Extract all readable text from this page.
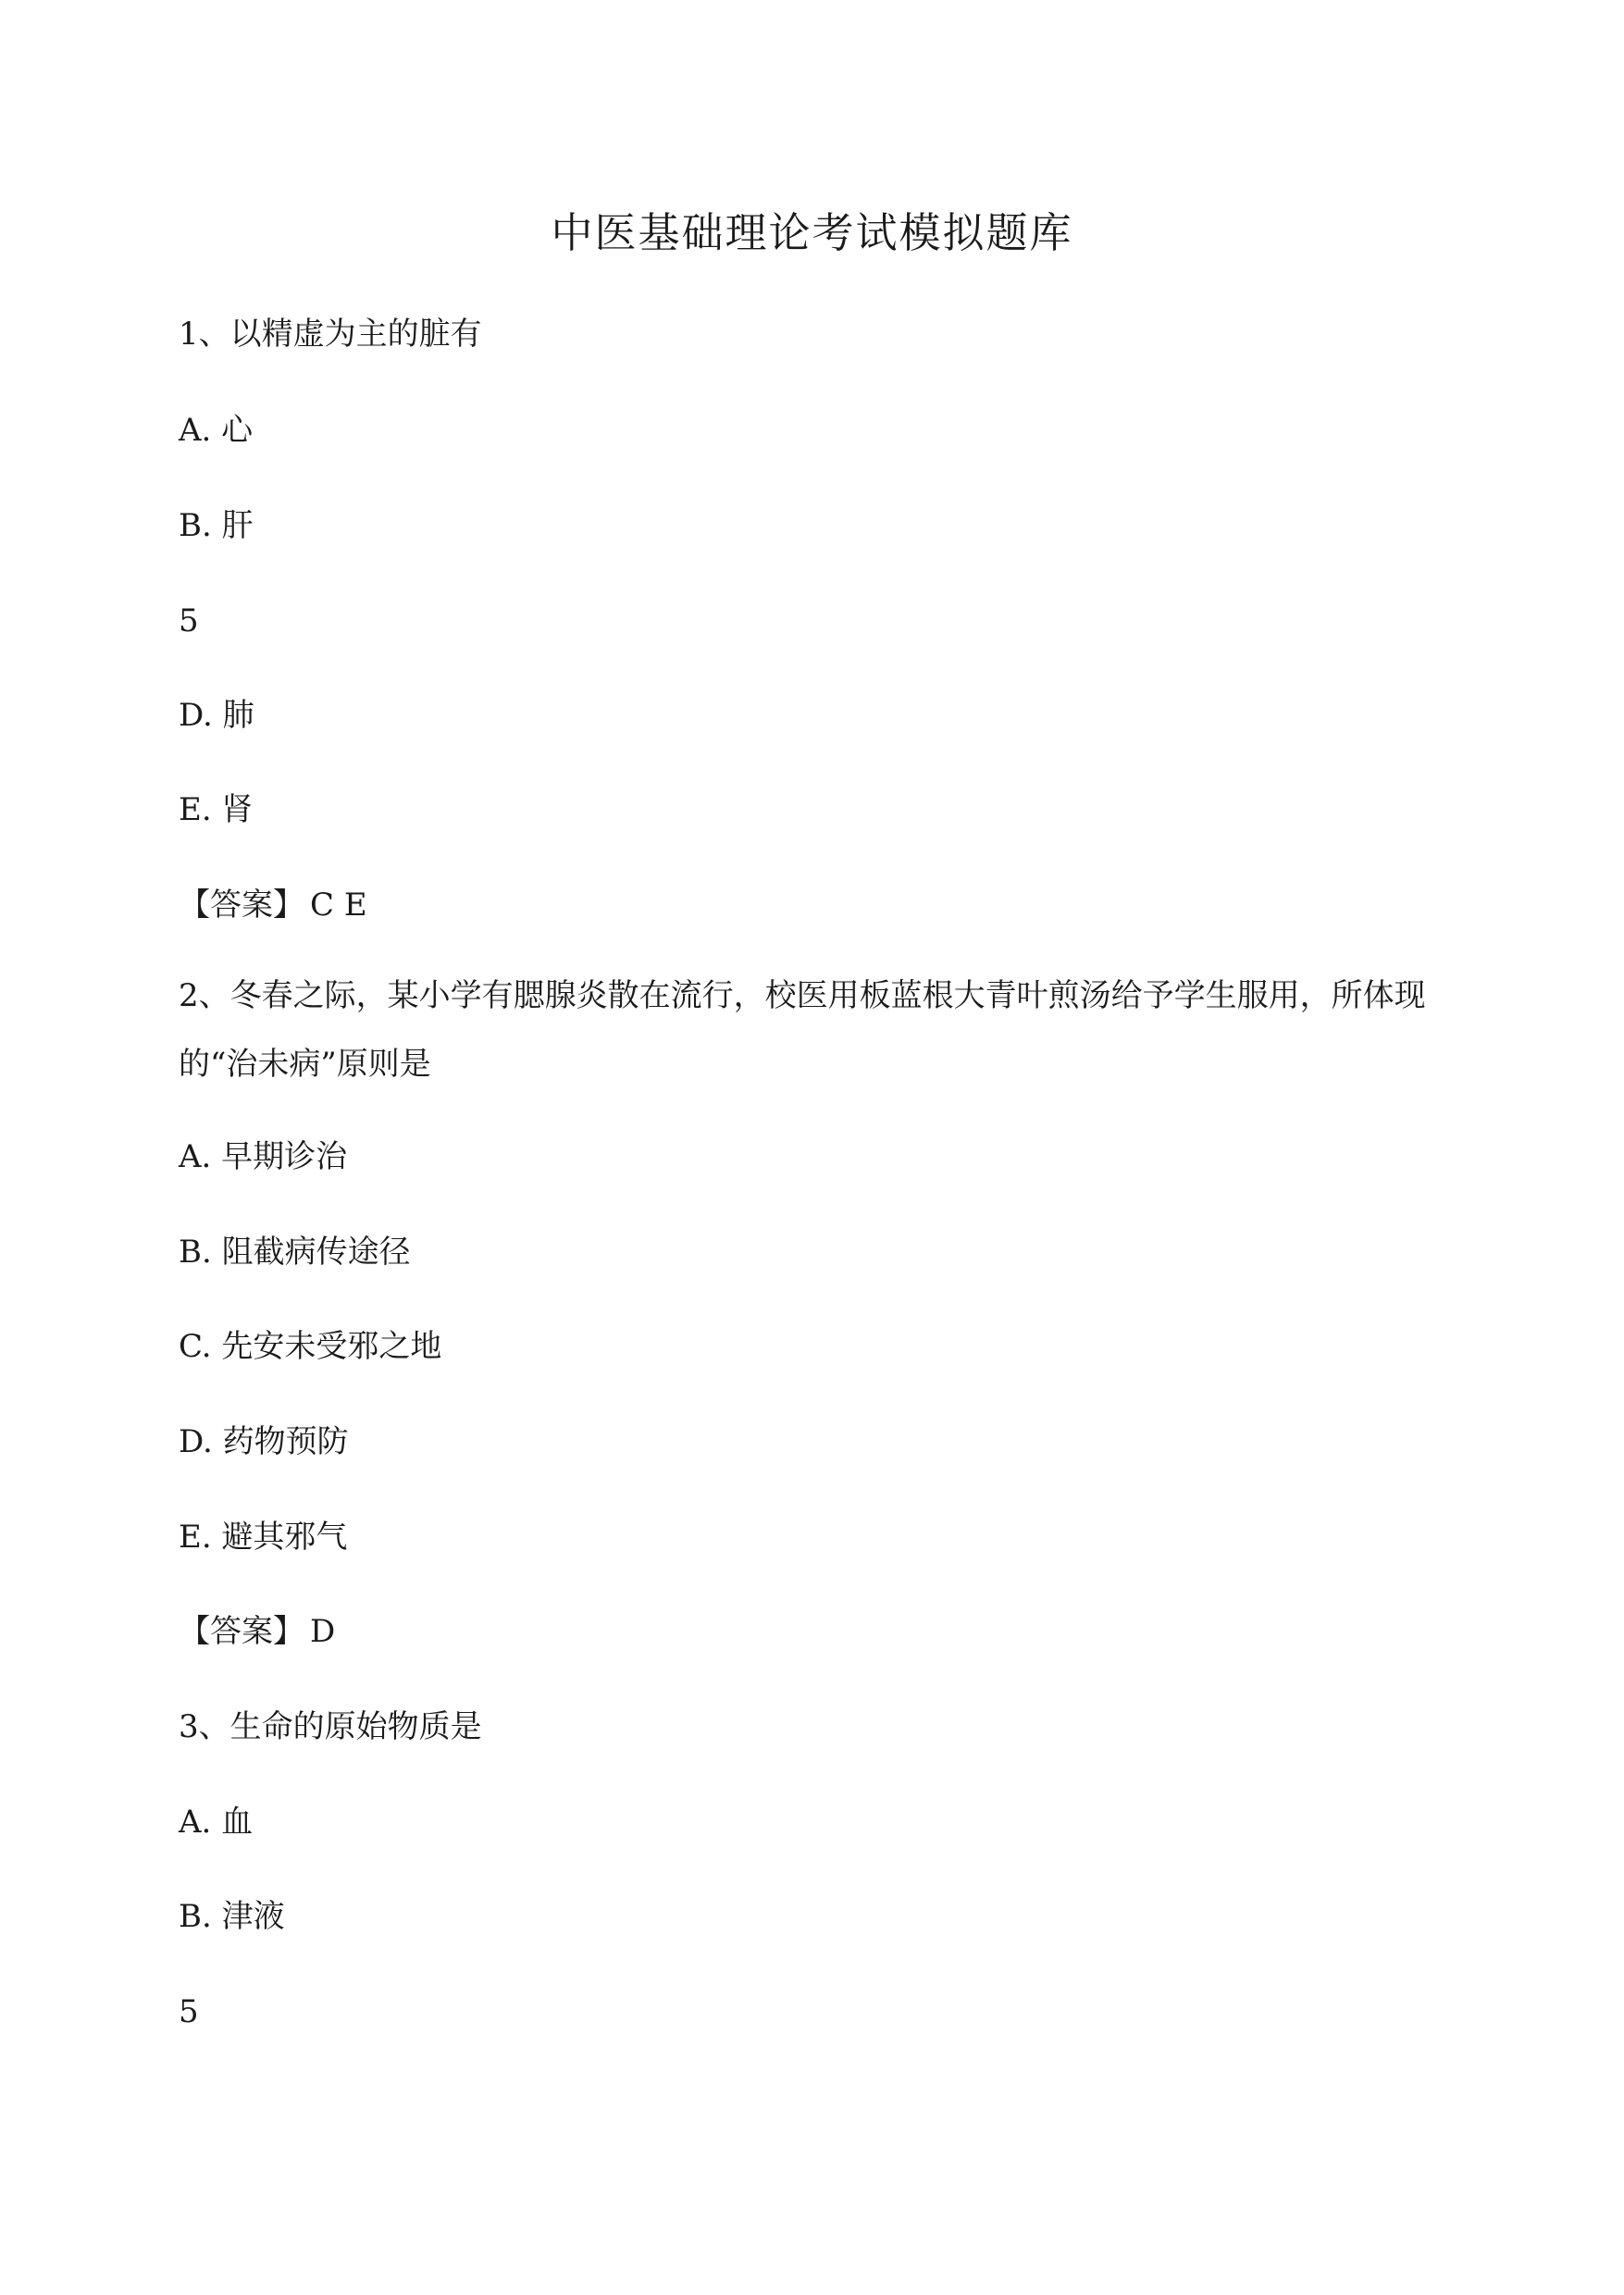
中医基础理论考试模拟题库
1、以精虚为主的脏有
A. 心
B. 肝
5
D. 肺
E. 肾
【答案】 C E
2、冬春之际，某小学有腮腺炎散在流行，校医用板蓝根大青叶煎汤给予学生服用，所体现的“治未病”原则是
A. 早期诊治
B. 阻截病传途径
C. 先安未受邪之地
D. 药物预防
E. 避其邪气
【答案】 D
3、生命的原始物质是
A. 血
B. 津液
5
